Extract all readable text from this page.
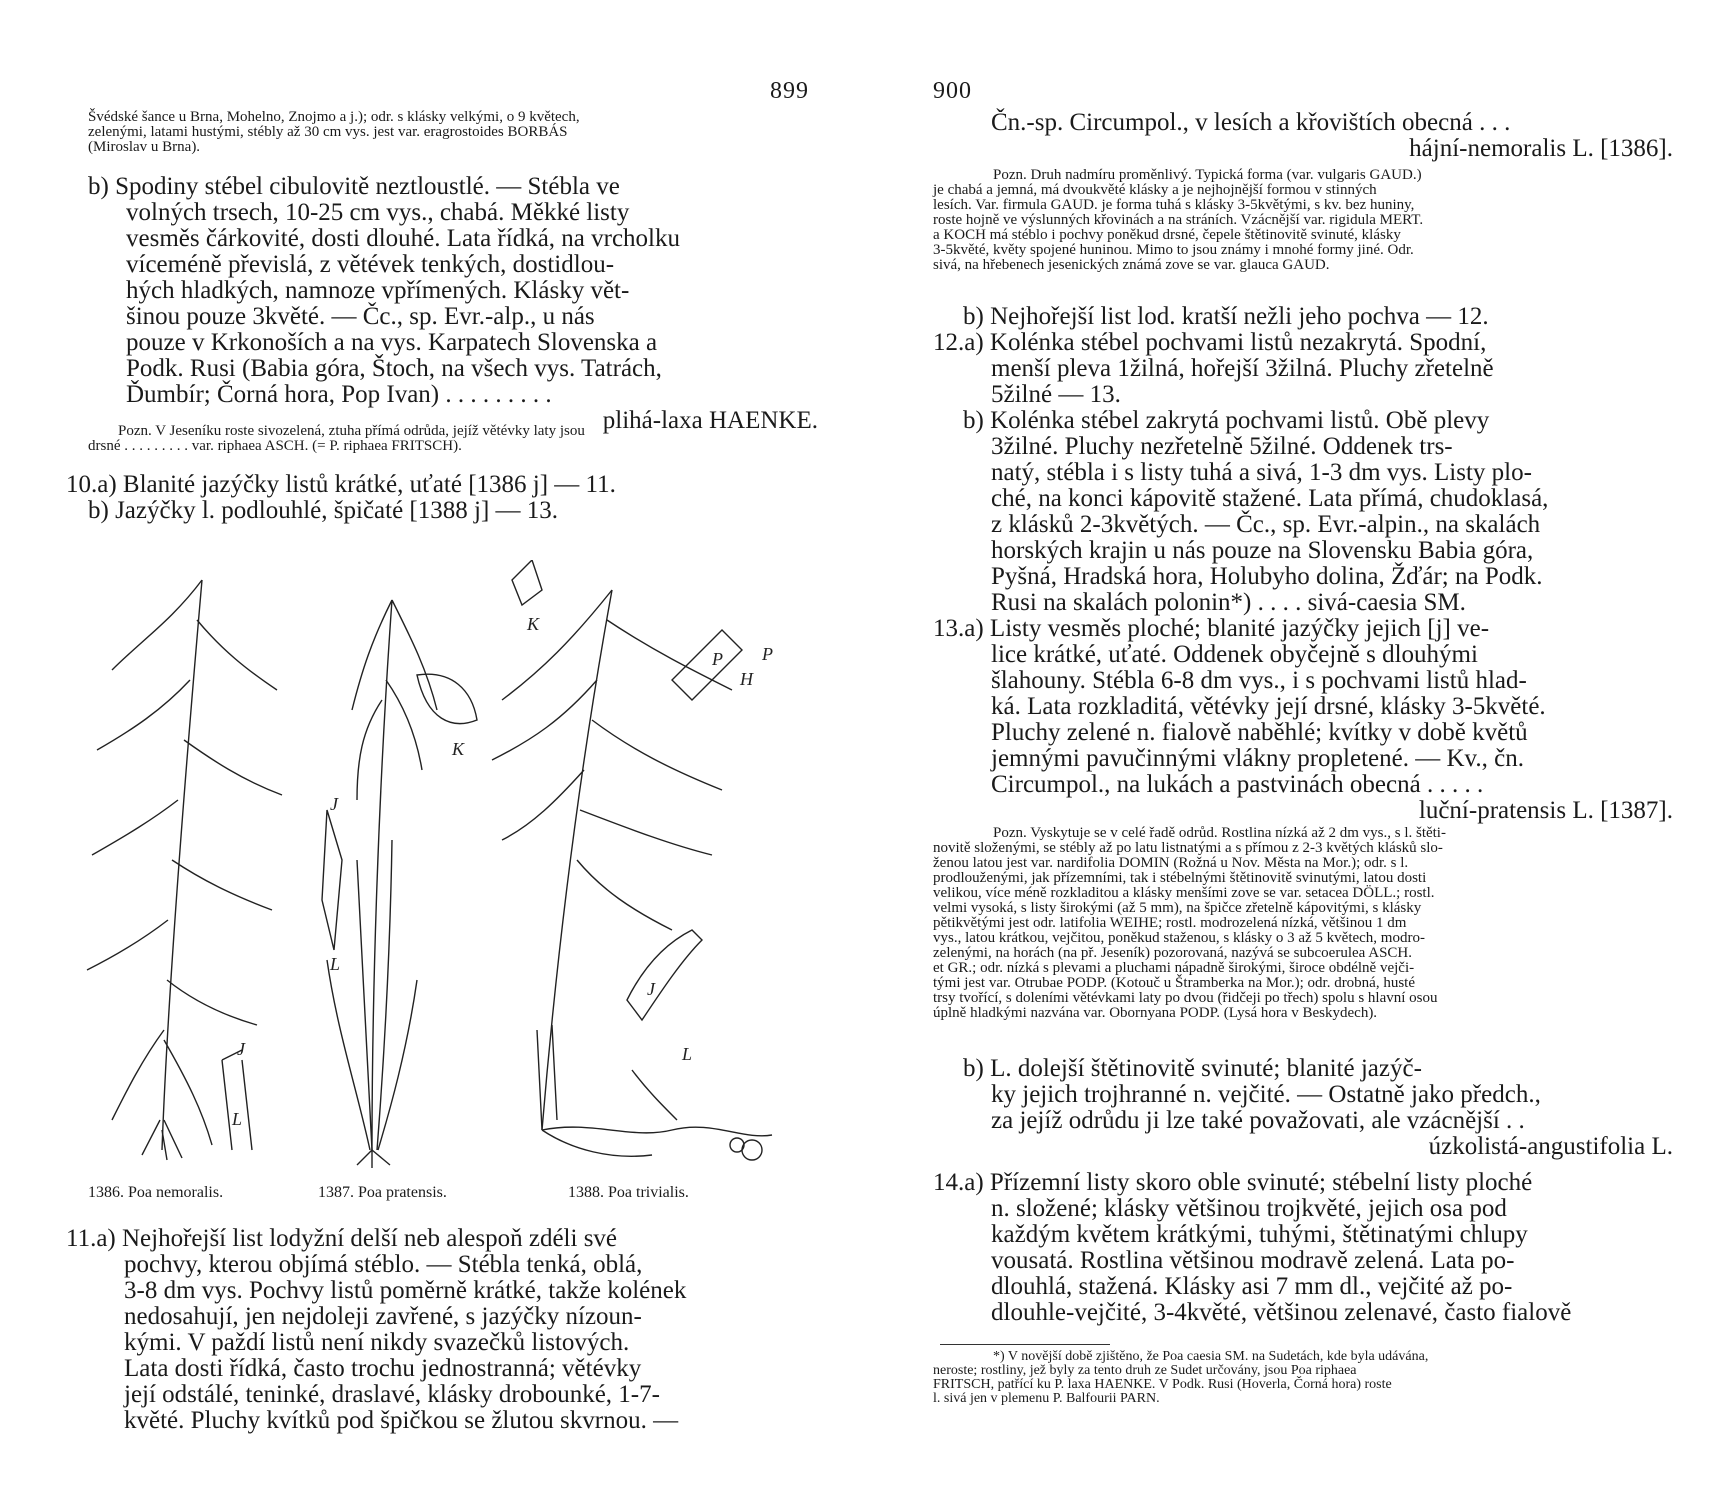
899
Švédské šance u Brna, Mohelno, Znojmo a j.); odr. s klásky velkými, o 9 květech,
zelenými, latami hustými, stébly až 30 cm vys. jest var. eragrostoides BORBÁS
(Miroslav u Brna).
b) Spodiny stébel cibulovitě neztloustlé. — Stébla ve
volných trsech, 10-25 cm vys., chabá. Měkké listy
vesměs čárkovité, dosti dlouhé. Lata řídká, na vrcholku
víceméně převislá, z větévek tenkých, dostidlou-
hých hladkých, namnoze vpřímených. Klásky vět-
šinou pouze 3květé. — Čc., sp. Evr.-alp., u nás
pouze v Krkonoších a na vys. Karpatech Slovenska a
Podk. Rusi (Babia góra, Štoch, na všech vys. Tatrách,
Ďumbír; Čorná hora, Pop Ivan) . . . . . . . . .
plihá-laxa HAENKE.
Pozn. V Jeseníku roste sivozelená, ztuha přímá odrůda, jejíž větévky laty jsou
drsné . . . . . . . . . var. riphaea ASCH. (= P. riphaea FRITSCH).
10.a) Blanité jazýčky listů krátké, uťaté [1386 j] — 11.
b) Jazýčky l. podlouhlé, špičaté [1388 j] — 13.
J
L
K
J
L
K
P
H
P
J
L
1386. Poa nemoralis.	1387. Poa pratensis.	1388. Poa trivialis.
11.a) Nejhořejší list lodyžní delší neb alespoň zdéli své
pochvy, kterou objímá stéblo. — Stébla tenká, oblá,
3-8 dm vys. Pochvy listů poměrně krátké, takže kolének
nedosahují, jen nejdoleji zavřené, s jazýčky nízoun-
kými. V paždí listů není nikdy svazečků listových.
Lata dosti řídká, často trochu jednostranná; větévky
její odstálé, teninké, draslavé, klásky drobounké, 1-7-
květé. Pluchy kvítků pod špičkou se žlutou skvrnou. —
900
Čn.-sp. Circumpol., v lesích a křovištích obecná . . .
hájní-nemoralis L. [1386].
Pozn. Druh nadmíru proměnlivý. Typická forma (var. vulgaris GAUD.)
je chabá a jemná, má dvoukvěté klásky a je nejhojnější formou v stinných
lesích. Var. firmula GAUD. je forma tuhá s klásky 3-5květými, s kv. bez huniny,
roste hojně ve výslunných křovinách a na stráních. Vzácnější var. rigidula MERT.
a KOCH má stéblo i pochvy poněkud drsné, čepele štětinovitě svinuté, klásky
3-5květé, květy spojené huninou. Mimo to jsou známy i mnohé formy jiné. Odr.
sivá, na hřebenech jesenických známá zove se var. glauca GAUD.
b) Nejhořejší list lod. kratší nežli jeho pochva — 12.
12.a) Kolénka stébel pochvami listů nezakrytá. Spodní,
menší pleva 1žilná, hořejší 3žilná. Pluchy zřetelně
5žilné — 13.
b) Kolénka stébel zakrytá pochvami listů. Obě plevy
3žilné. Pluchy nezřetelně 5žilné. Oddenek trs-
natý, stébla i s listy tuhá a sivá, 1-3 dm vys. Listy plo-
ché, na konci kápovitě stažené. Lata přímá, chudoklasá,
z klásků 2-3květých. — Čc., sp. Evr.-alpin., na skalách
horských krajin u nás pouze na Slovensku Babia góra,
Pyšná, Hradská hora, Holubyho dolina, Žďár; na Podk.
Rusi na skalách polonin*) . . . . sivá-caesia SM.
13.a) Listy vesměs ploché; blanité jazýčky jejich [j] ve-
lice krátké, uťaté. Oddenek obyčejně s dlouhými
šlahouny. Stébla 6-8 dm vys., i s pochvami listů hlad-
ká. Lata rozkladitá, větévky její drsné, klásky 3-5květé.
Pluchy zelené n. fialově naběhlé; kvítky v době květů
jemnými pavučinnými vlákny propletené. — Kv., čn.
Circumpol., na lukách a pastvinách obecná . . . . .
luční-pratensis L. [1387].
Pozn. Vyskytuje se v celé řadě odrůd. Rostlina nízká až 2 dm vys., s l. štěti-
novitě složenými, se stébly až po latu listnatými a s přímou z 2-3 květých klásků slo-
ženou latou jest var. nardifolia DOMIN (Rožná u Nov. Města na Mor.); odr. s l.
prodlouženými, jak přízemními, tak i stébelnými štětinovitě svinutými, latou dosti
velikou, více méně rozkladitou a klásky menšími zove se var. setacea DÖLL.; rostl.
velmi vysoká, s listy širokými (až 5 mm), na špičce zřetelně kápovitými, s klásky
pětikvětými jest odr. latifolia WEIHE; rostl. modrozelená nízká, většinou 1 dm
vys., latou krátkou, vejčitou, poněkud staženou, s klásky o 3 až 5 květech, modro-
zelenými, na horách (na př. Jeseník) pozorovaná, nazývá se subcoerulea ASCH.
et GR.; odr. nízká s plevami a pluchami nápadně širokými, široce obdélně vejči-
tými jest var. Otrubae PODP. (Kotouč u Štramberka na Mor.); odr. drobná, husté
trsy tvořící, s doleními větévkami laty po dvou (řidčeji po třech) spolu s hlavní osou
úplně hladkými nazvána var. Obornyana PODP. (Lysá hora v Beskydech).
b) L. dolejší štětinovitě svinuté; blanité jazýč-
ky jejich trojhranné n. vejčité. — Ostatně jako předch.,
za jejíž odrůdu ji lze také považovati, ale vzácnější . .
úzkolistá-angustifolia L.
14.a) Přízemní listy skoro oble svinuté; stébelní listy ploché
n. složené; klásky většinou trojkvěté, jejich osa pod
každým květem krátkými, tuhými, štětinatými chlupy
vousatá. Rostlina většinou modravě zelená. Lata po-
dlouhlá, stažená. Klásky asi 7 mm dl., vejčité až po-
dlouhle-vejčité, 3-4květé, většinou zelenavé, často fialově
*) V novější době zjištěno, že Poa caesia SM. na Sudetách, kde byla udávána,
neroste; rostliny, jež byly za tento druh ze Sudet určovány, jsou Poa riphaea
FRITSCH, patřící ku P. laxa HAENKE. V Podk. Rusi (Hoverla, Čorná hora) roste
l. sivá jen v plemenu P. Balfourii PARN.
